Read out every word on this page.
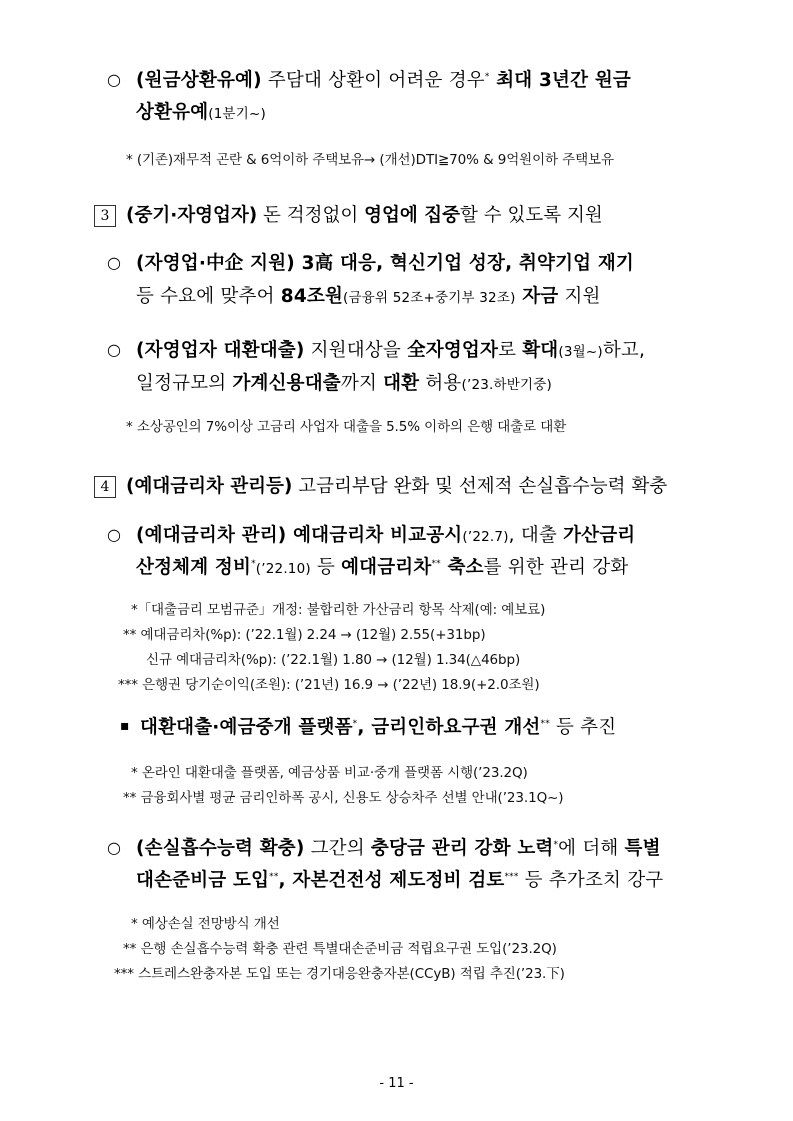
○ (원금상환유예) 주담대 상환이 어려운 경우* 최대 3년간 원금
상환유예(1분기~)
* (기존)재무적 곤란 & 6억이하 주택보유→ (개선)DTI≧70% & 9억원이하 주택보유
3 (중기·자영업자) 돈 걱정없이 영업에 집중할 수 있도록 지원
○ (자영업·中企 지원) 3高 대응, 혁신기업 성장, 취약기업 재기
등 수요에 맞추어 84조원(금융위 52조+중기부 32조) 자금 지원
○ (자영업자 대환대출) 지원대상을 全자영업자로 확대(3월~)하고,
일정규모의 가계신용대출까지 대환 허용(’23.하반기중)
* 소상공인의 7%이상 고금리 사업자 대출을 5.5% 이하의 은행 대출로 대환
4 (예대금리차 관리등) 고금리부담 완화 및 선제적 손실흡수능력 확충
○ (예대금리차 관리) 예대금리차 비교공시(’22.7), 대출 가산금리
산정체계 정비*(’22.10) 등 예대금리차** 축소를 위한 관리 강화
*「대출금리 모범규준」개정: 불합리한 가산금리 항목 삭제(예: 예보료)
** 예대금리차(%p): (’22.1월) 2.24 → (12월) 2.55(+31bp)
신규 예대금리차(%p): (’22.1월) 1.80 → (12월) 1.34(△46bp)
*** 은행권 당기순이익(조원): (’21년) 16.9 → (’22년) 18.9(+2.0조원)
▪ 대환대출·예금중개 플랫폼*, 금리인하요구권 개선** 등 추진
* 온라인 대환대출 플랫폼, 예금상품 비교·중개 플랫폼 시행(’23.2Q)
** 금융회사별 평균 금리인하폭 공시, 신용도 상승차주 선별 안내(’23.1Q~)
○ (손실흡수능력 확충) 그간의 충당금 관리 강화 노력*에 더해 특별
대손준비금 도입**, 자본건전성 제도정비 검토*** 등 추가조치 강구
* 예상손실 전망방식 개선
** 은행 손실흡수능력 확충 관련 특별대손준비금 적립요구권 도입(’23.2Q)
*** 스트레스완충자본 도입 또는 경기대응완충자본(CCyB) 적립 추진(’23.下)
- 11 -
